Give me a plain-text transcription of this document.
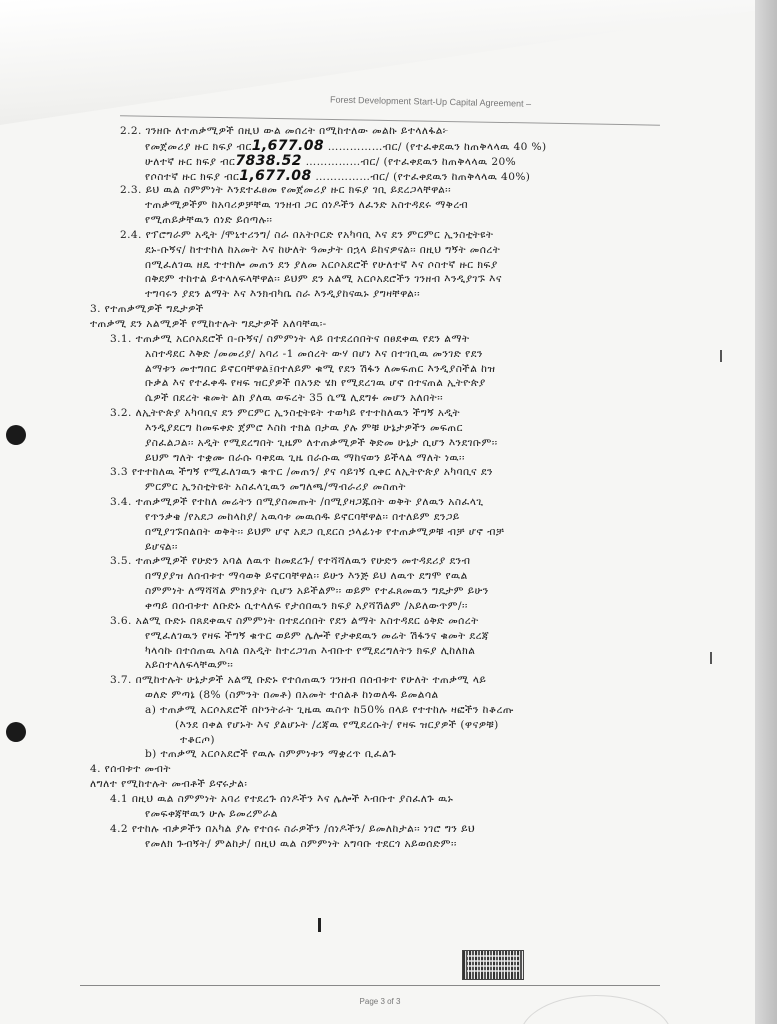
Forest Development Start-Up Capital Agreement –
2.2. ገንዘቡ ለተጠቃሚዎች በዚህ ውል መሰረት በሚከተለው መልኩ ይተላለፋል፦
የመጀመሪያ ዙር ክፍያ ብር1,677.08 ……………ብር/ (የተፈቀደዉን ከጠቅላላዉ 40 %)
ሁለተኛ ዙር ክፍያ ብር7838.52 ……………ብር/ (የተፈቀደዉን ከጠቅላላዉ 20%
የሶስተኛ ዙር ክፍያ ብር1,677.08 ……………ብር/ (የተፈቀደዉን ከጠቅላላዉ 40%)
2.3. ይህ ዉል ስምምነት እንደተፈፀመ የመጀመሪያ ዙር ክፍያ ገቢ ይደረጋላቸዋል፡፡
ተጠቃሚዎችም ከአባሪዎቻቸዉ ገንዘብ ጋር ሰነዶችን ለፈንድ አስተዳደሩ ማቅረብ
የሚጠይቃቸዉን ሰነድ ይሰጣሉ፡፡
2.4. የፕሮግራም አዲት /ሞኒተሪንግ/ ስራ በአትቦርድ የአካባቢ እና ደን ምርምር ኢንስቲትዩት
ደኑ-ቡኝና/ ከተተከለ ከአመት እና ከሁለት ዓመታት በኋላ ይከናዎናል፡፡ በዚህ ግኝት መሰረት
በሚፈለገዉ ዘዴ ተተክሎ መጠን ደን ያለመ አርሶአደሮች የሁለተኛ እና ሶስተኛ ዙር ክፍያ
በቅደም ተከተል ይተላለፍላቸዋል፡፡ ይህም ደን አልሚ አርሶአደሮችን ገንዘብ እንዲያገኙ እና
ተግባሩን ያደን ልማት እና እንክብካቤ ስራ እንዲያከናዉኑ ያግዛቸዋል፡፡
3. የተጠቃሚዎች ግዴታዎች
ተጠቃሚ ደን አልሚዎች የሚከተሉት ግዴታዎች አለባቸዉ፡-
3.1. ተጠቃሚ አርሶአደሮች በ-ቡኝና/ ስምምነት ላይ በተደረሰበትና በፀደቀዉ የደን ልማት
አስተዳደር እቅድ /መመሪያ/ አባሪ -1 መሰረት ውሃ በሆነ እና በተገቢዉ መንገድ የደን
ልማቱን መተግበር ይኖርባቸዋል፤በተለይም ቁሚ የደን ሽፋን ለመፍጠር እንዲያስችል ከዝ
ቡቃል እና የተፈቀዱ የዛፍ ዝርያዎች በአንድ ሄክ የሚደረገዉ ሆኖ በተናጠል ኢትዮጵያ
ሴዎች በደረት ቁመት ልክ ያለዉ ወፍረት 35 ሴሜ ሊደግፉ መሆን አለበት፡፡
3.2. ለኢትዮጵያ አካባቢና ደን ምርምር ኢንስቲትዩት ተወካይ የተተከለዉን ችግኝ አዲት
እንዲያደርግ ከመፍቀድ ጀምሮ እስከ ተክል በታዉ ያሉ ምቹ ሁኔታዎችን መፍጠር
ያስፈልጋል፡፡ አዲት የሚደረግበት ጊዜም ለተጠቃሚዎች ቅድመ ሁኔታ ሲሆን እንደገቡም፡፡
ይህም ግለት ተቋሙ በራሱ ባቀደዉ ጊዜ በራሱዉ ማከናወን ይችላል ማለት ነዉ፡፡
3.3 የተተከለዉ ችግኝ የሚፈለገዉን ቁጥር /መጠን/ ያና ሳይገኝ ሲቀር ለኢትዮጵያ አካባቢና ደን
ምርምር ኢንስቲትዩት አስፈላጊዉን መግለጫ/ማብራሪያ መስጠት
3.4. ተጠቃሚዎች የተከለ መሬትን በሚያስመጡት /በሚያዛጋጁበት ወቅት ያለዉን አስፈላጊ
የጥንቃቄ /የአደጋ መከላከያ/ አዉሳቱ መዉሰዱ ይኖርባቸዋል፡፡ በተለይም ደንጋይ
በሚያገኙበልበት ወቅት፡፡ ይህም ሆኖ አደጋ ቢደርስ ኃላፊነቱ የተጠቃሚዎቹ ብቻ ሆኖ ብቻ
ይሆናል፡፡
3.5. ተጠቃሚዎች የሁድን አባል ለዉጥ ከመደረጉ/ የተሻሻለዉን የሁድን መተዳደሪያ ደንብ
በማያያዝ ለሰብቱተ ማሳወቅ ይኖርባቸዋል፡፡ ይሁን እንጅ ይህ ለዉጥ ደግሞ የዉል
ስምምነት ለማሻሻል ምክንያት ሲሆን አይችልም፡፡ ወይም የተፈጸመዉን ግዴታም ይሁን
ቀጣይ በሰብቱተ ለቡድኑ ሲተላለፍ የታሰበዉን ክፍያ አያሻሽልም /አይለውጥም/፡፡
3.6. አልሚ ቡድኑ በጸደቀዉና ስምምነት በተደረሰበት የደን ልማት አስተዳደር ዕቅድ መሰረት
የሚፈለገዉን የዛፍ ችግኝ ቁጥር ወይም ሌሎች የታቀደዉን መሬት ሽፋንና ቁመት ደረጃ
ካላሳኩ በተሰጠዉ አባል በአዲት ከተረጋገጠ እብቡተ የሚደረግለትን ክፍያ ሊከለክል
አይስተላለፍላቸዉም፡፡
3.7. በሚከተሉት ሁኔታዎች አልሚ ቡድኑ የተሰጠዉን ገንዘብ በሰብቱተ የሁለት ተጠቃሚ ላይ
ወለድ ምጣኔ (8% (ስምንት በመቶ) በአመት ተሰልቶ ከነወለዱ ይመልሳል
a) ተጠቃሚ አርሶአደሮች በኮንትራት ጊዜዉ ዉስጥ ከ50% በላይ የተተከሉ ዛፎችን ከቆረጡ
(እንደ በቀል የሆኑት እና ያልሆኑት /ረጃዉ የሚደረሱት/ የዛፍ ዝርያዎች (ዋናዎቹ)
ተቆርጦ)
b) ተጠቃሚ አርሶአደሮች የዉሉ ስምምነቱን ማቋረጥ ቢፈልጉ
4. የሰብቱተ መብት
ለግለተ የሚከተሉት መብቶች ይኖሩታል፡
4.1 በዚህ ዉል ስምምነት አባሪ የተደረጉ ሰነዶችን እና ሌሎች እብቡተ ያስፈለጉ ዉኑ
የመፍቀጃቸዉን ሁሉ ይመረምራል
4.2 የተከሉ ብቃዎችን በአካል ያሉ የተሰሩ ስራዎችን /ሰነዶችን/ ይመለከታል፡፡ ነገሮ ግን ይህ
የመለክ ጉብኝት/ ምልከታ/ በዚህ ዉል ስምምነት አግባቡ ተደርጎ አይወሰድም፡፡
Page 3 of 3
